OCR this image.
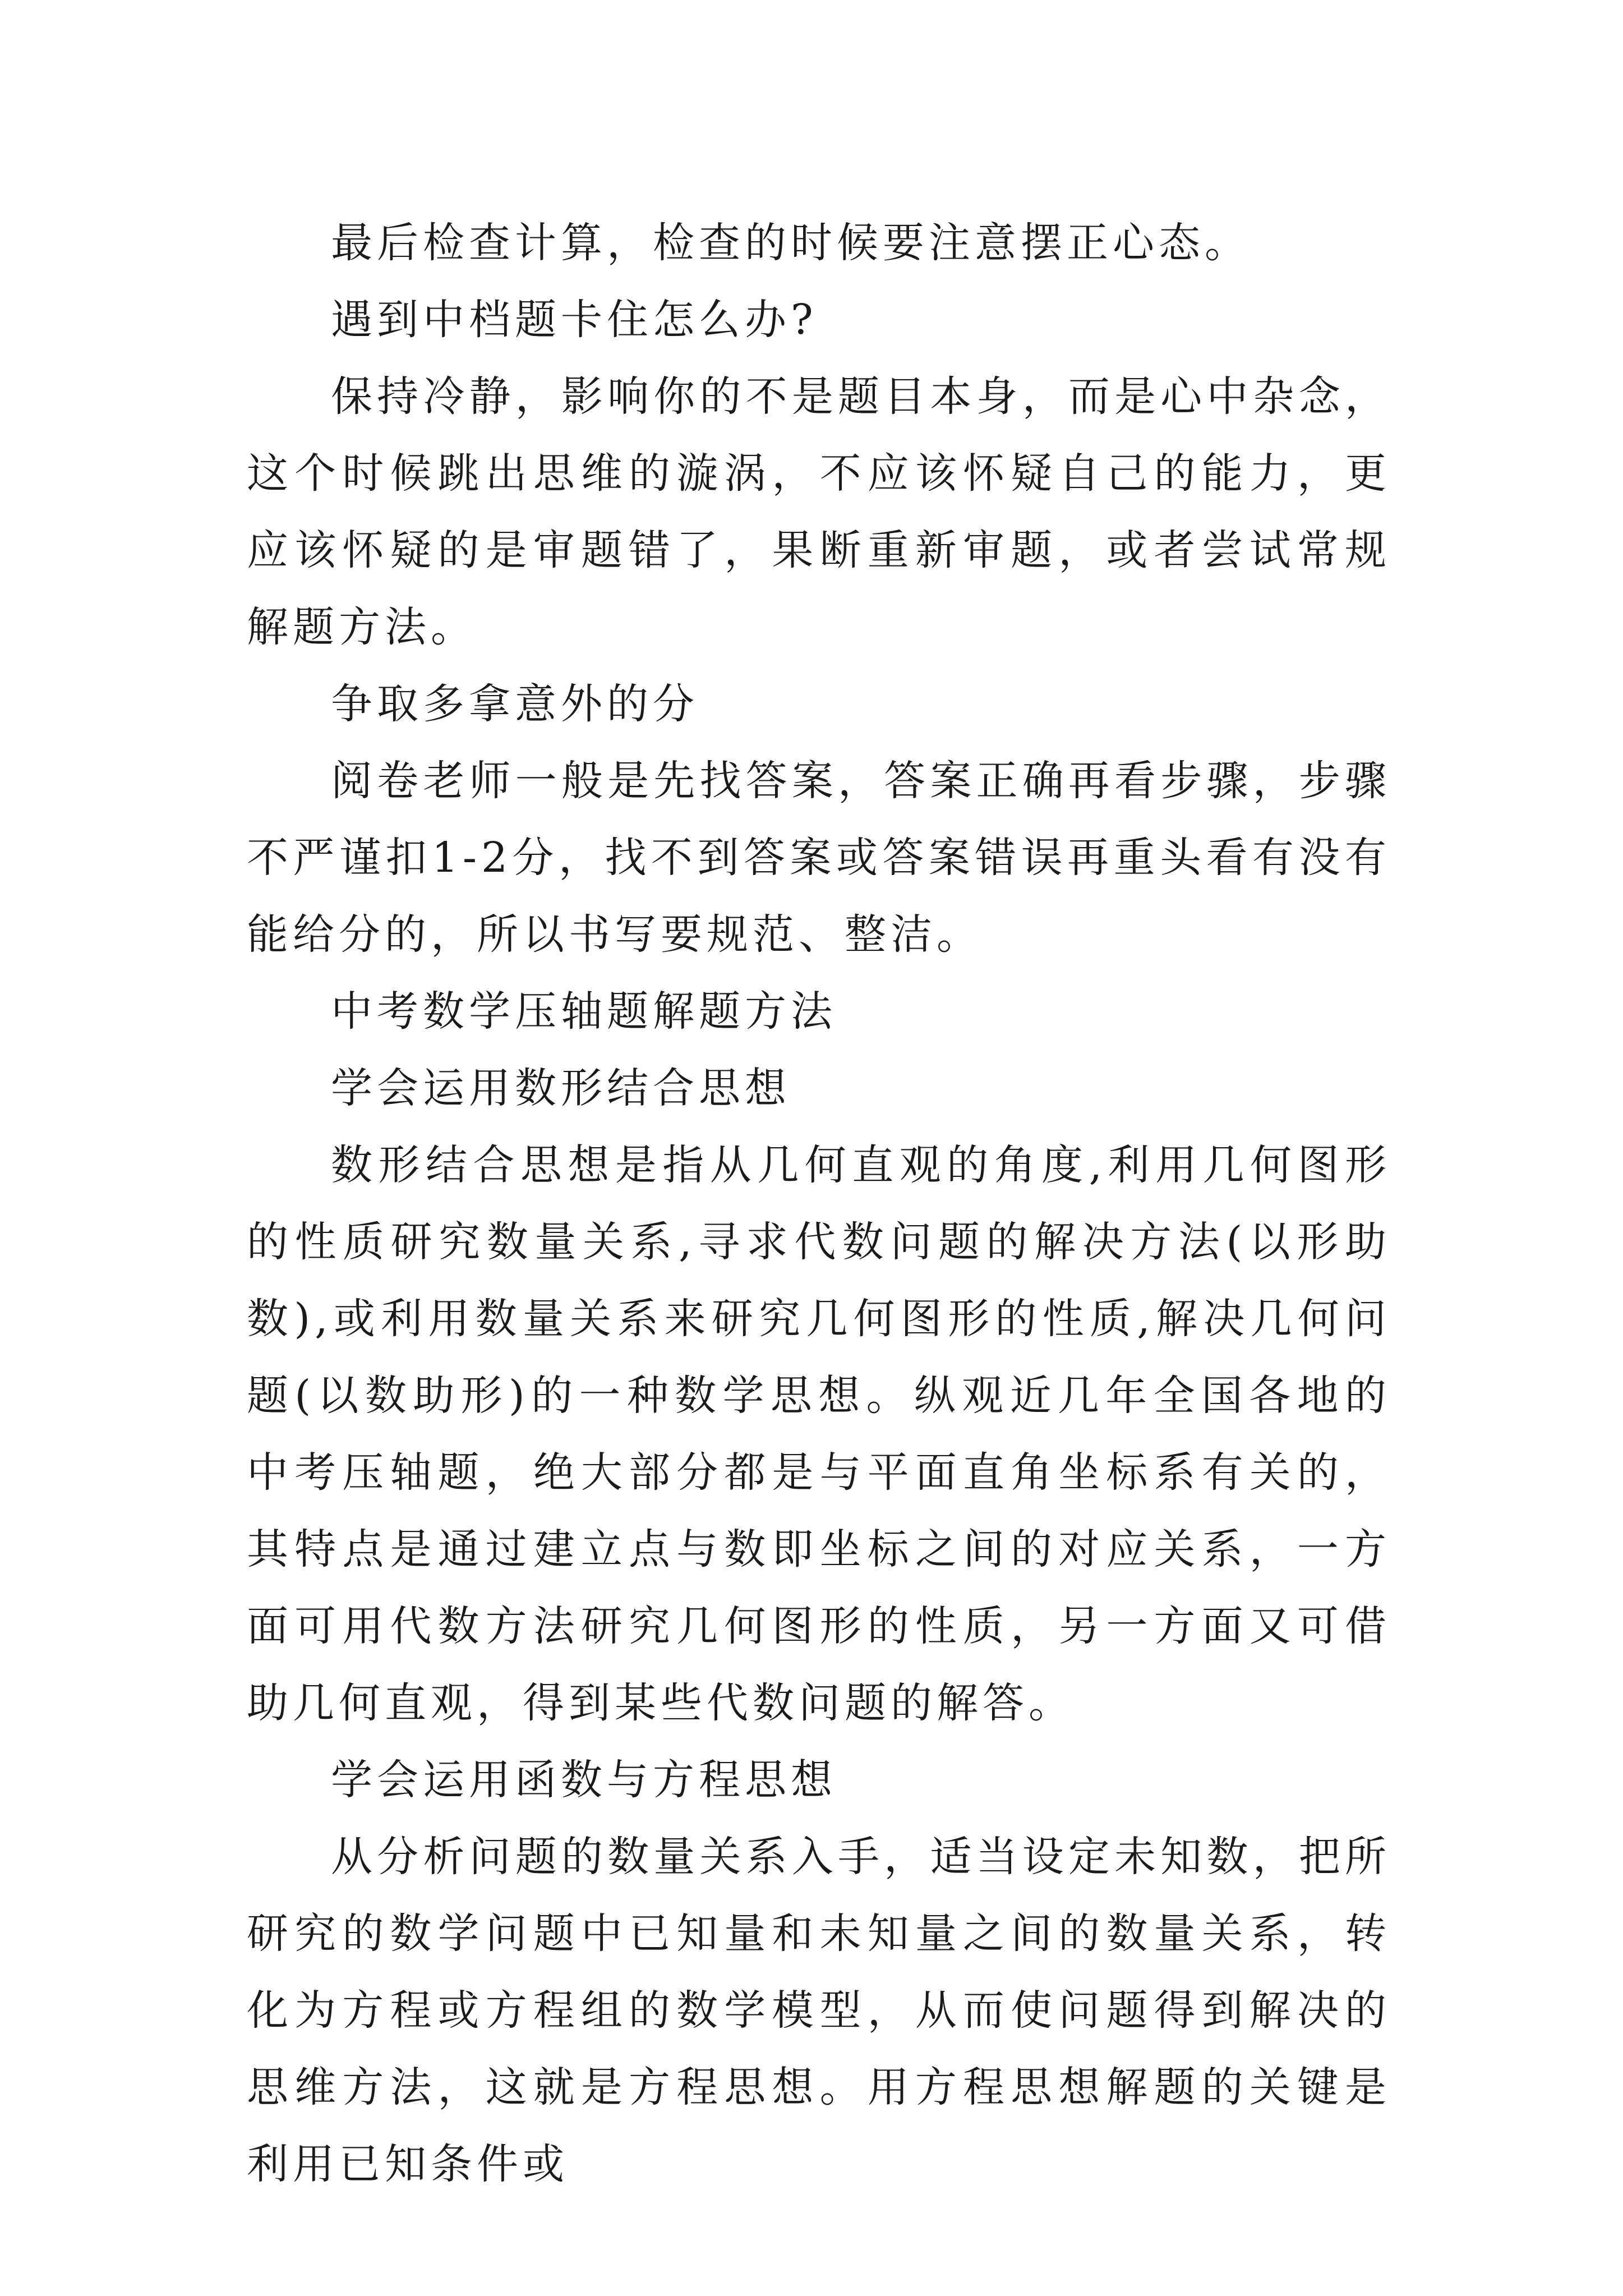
最后检查计算，检查的时候要注意摆正心态。

遇到中档题卡住怎么办?

保持冷静，影响你的不是题目本身，而是心中杂念，这个时候跳出思维的漩涡，不应该怀疑自己的能力，更应该怀疑的是审题错了，果断重新审题，或者尝试常规解题方法。

争取多拿意外的分

阅卷老师一般是先找答案，答案正确再看步骤，步骤不严谨扣1-2分，找不到答案或答案错误再重头看有没有能给分的，所以书写要规范、整洁。

中考数学压轴题解题方法

学会运用数形结合思想

数形结合思想是指从几何直观的角度,利用几何图形的性质研究数量关系,寻求代数问题的解决方法(以形助数),或利用数量关系来研究几何图形的性质,解决几何问题(以数助形)的一种数学思想。纵观近几年全国各地的中考压轴题，绝大部分都是与平面直角坐标系有关的，其特点是通过建立点与数即坐标之间的对应关系，一方面可用代数方法研究几何图形的性质，另一方面又可借助几何直观，得到某些代数问题的解答。

学会运用函数与方程思想

从分析问题的数量关系入手，适当设定未知数，把所研究的数学问题中已知量和未知量之间的数量关系，转化为方程或方程组的数学模型，从而使问题得到解决的思维方法，这就是方程思想。用方程思想解题的关键是利用已知条件或
